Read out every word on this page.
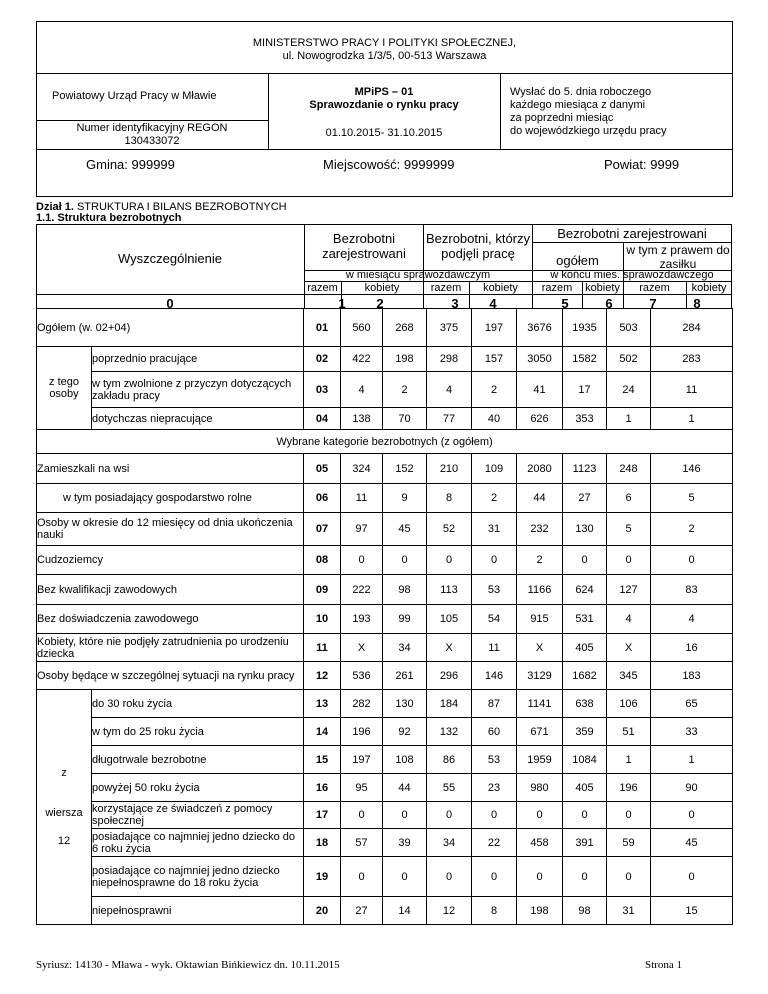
MINISTERSTWO PRACY I POLITYKI SPOŁECZNEJ,
ul. Nowogrodzka 1/3/5, 00-513 Warszawa
Powiatowy Urząd Pracy w Mławie
Numer identyfikacyjny REGON
130433072
MPiPS – 01
Sprawozdanie o rynku pracy
01.10.2015- 31.10.2015
Wysłać do 5. dnia roboczego
każdego miesiąca z danymi
za poprzedni miesiąc
do wojewódzkiego urzędu pracy
Gmina: 999999	Miejscowość: 9999999	Powiat: 9999
Dział 1. STRUKTURA I BILANS BEZROBOTNYCH
1.1. Struktura bezrobotnych
Wyszczególnienie
Bezrobotni zarejestrowani
Bezrobotni, którzy podjęli pracę
Bezrobotni zarejestrowani
ogółem
w tym z prawem do zasiłku
w miesiącu sprawozdawczym	w końcu mies. sprawozdawczego
razem	kobiety	razem	kobiety	razem	kobiety	razem	kobiety
0	1	2	3	4	5	6	7	8
Ogółem (w. 02+04)		01	560	268	375	197	3676	1935	503	284
z tego osoby	poprzednio pracujące	02	422	198	298	157	3050	1582	502	283
	w tym zwolnione z przyczyn dotyczących zakładu pracy	03	4	2	4	2	41	17	24	11
	dotychczas niepracujące	04	138	70	77	40	626	353	1	1
Wybrane kategorie bezrobotnych (z ogółem)										
Zamieszkali na wsi		05	324	152	210	109	2080	1123	248	146
w tym posiadający gospodarstwo rolne		06	11	9	8	2	44	27	6	5
Osoby w okresie do 12 miesięcy od dnia ukończenia nauki		07	97	45	52	31	232	130	5	2
Cudzoziemcy		08	0	0	0	0	2	0	0	0
Bez kwalifikacji zawodowych		09	222	98	113	53	1166	624	127	83
Bez doświadczenia zawodowego		10	193	99	105	54	915	531	4	4
Kobiety, które nie podjęły zatrudnienia po urodzeniu dziecka		11	X	34	X	11	X	405	X	16
Osoby będące w szczególnej sytuacji na rynku pracy		12	536	261	296	146	3129	1682	345	183

z
wiersza
12	do 30 roku życia	13	282	130	184	87	1141	638	106	65
	w tym do 25 roku życia	14	196	92	132	60	671	359	51	33
	długotrwale bezrobotne	15	197	108	86	53	1959	1084	1	1
	powyżej 50 roku życia	16	95	44	55	23	980	405	196	90
	korzystające ze świadczeń z pomocy społecznej	17	0	0	0	0	0	0	0	0
	posiadające co najmniej jedno dziecko do 6 roku życia	18	57	39	34	22	458	391	59	45
	posiadające co najmniej jedno dziecko niepełnosprawne do 18 roku życia	19	0	0	0	0	0	0	0	0
	niepełnosprawni	20	27	14	12	8	198	98	31	15
Syriusz: 14130 - Mława - wyk. Oktawian Bińkiewicz dn. 10.11.2015	Strona 1
